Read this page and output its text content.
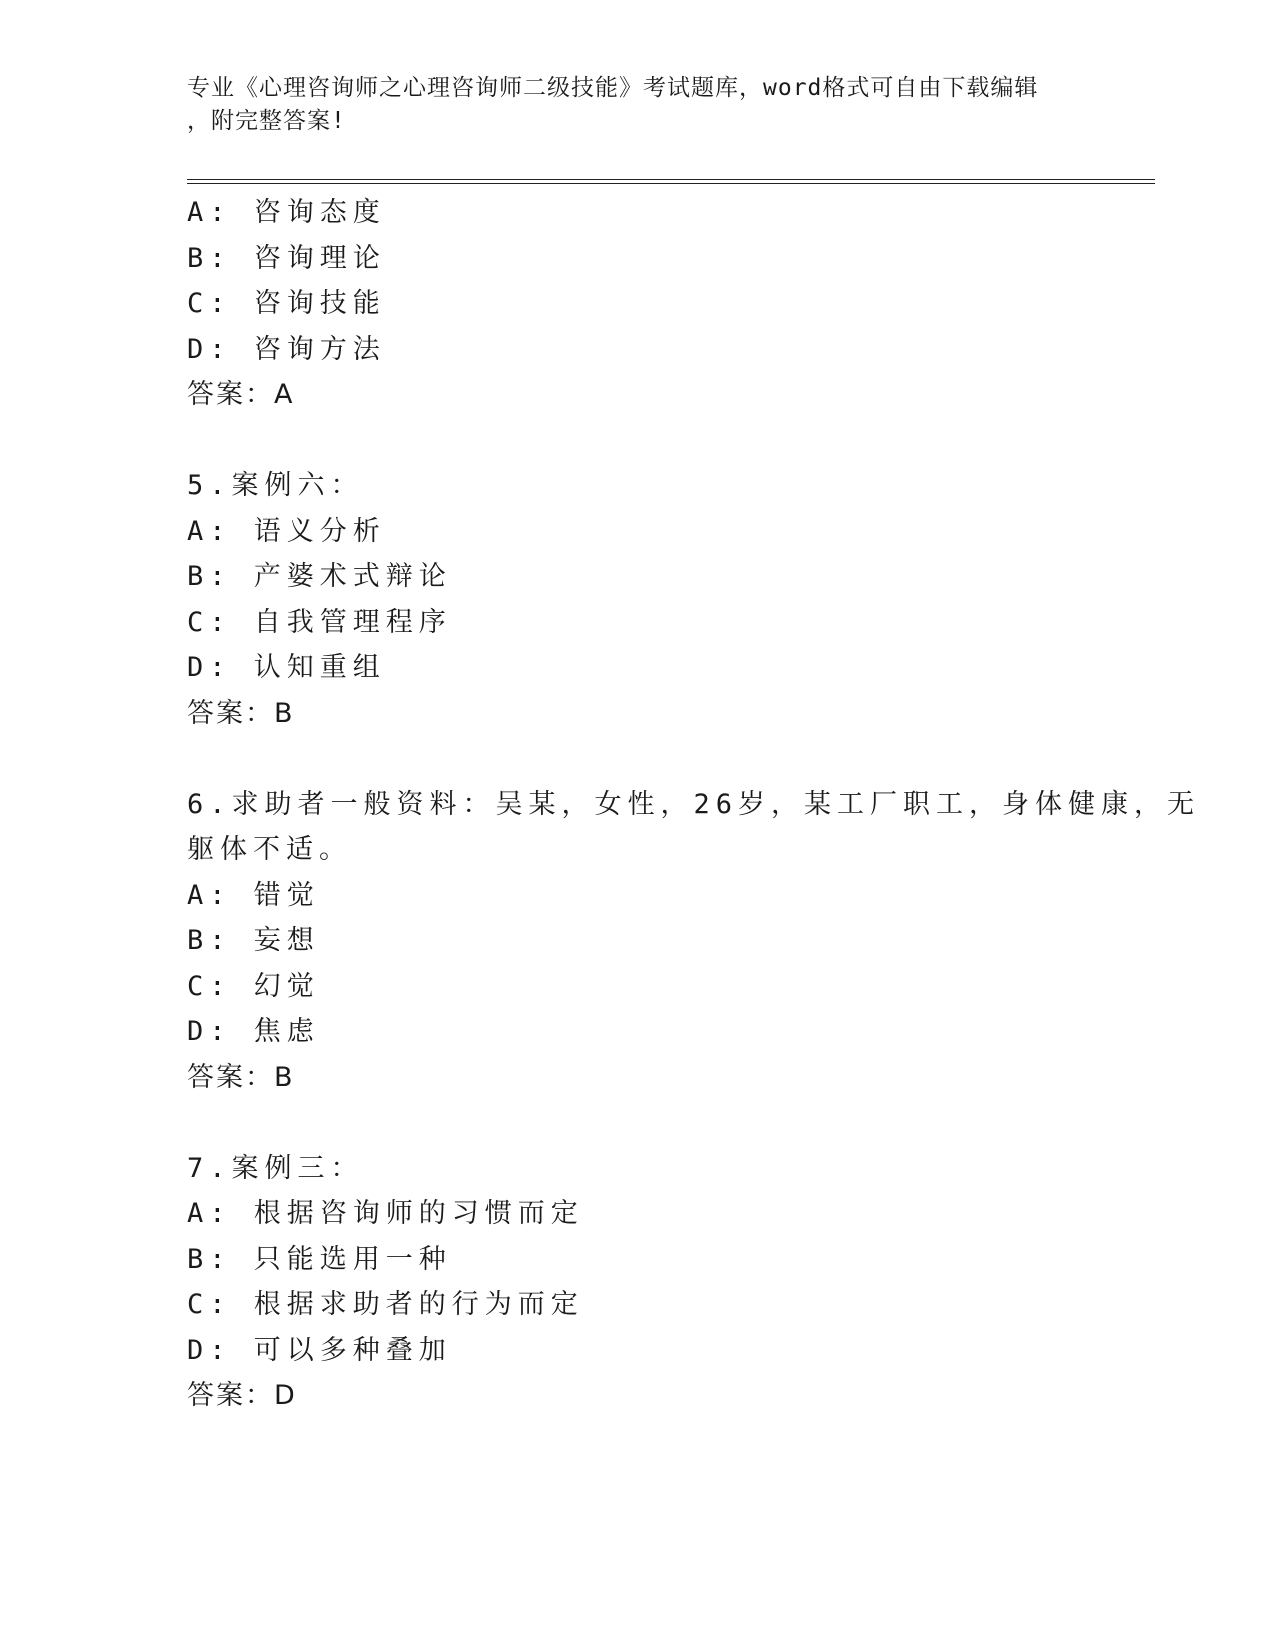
专业《心理咨询师之心理咨询师二级技能》考试题库，word格式可自由下载编辑
，附完整答案!
A: 咨询态度
B: 咨询理论
C: 咨询技能
D: 咨询方法
答案：A
5.案例六：
A: 语义分析
B: 产婆术式辩论
C: 自我管理程序
D: 认知重组
答案：B
6.求助者一般资料：吴某，女性，26岁，某工厂职工，身体健康，无
躯体不适。
A: 错觉
B: 妄想
C: 幻觉
D: 焦虑
答案：B
7.案例三：
A: 根据咨询师的习惯而定
B: 只能选用一种
C: 根据求助者的行为而定
D: 可以多种叠加
答案：D
